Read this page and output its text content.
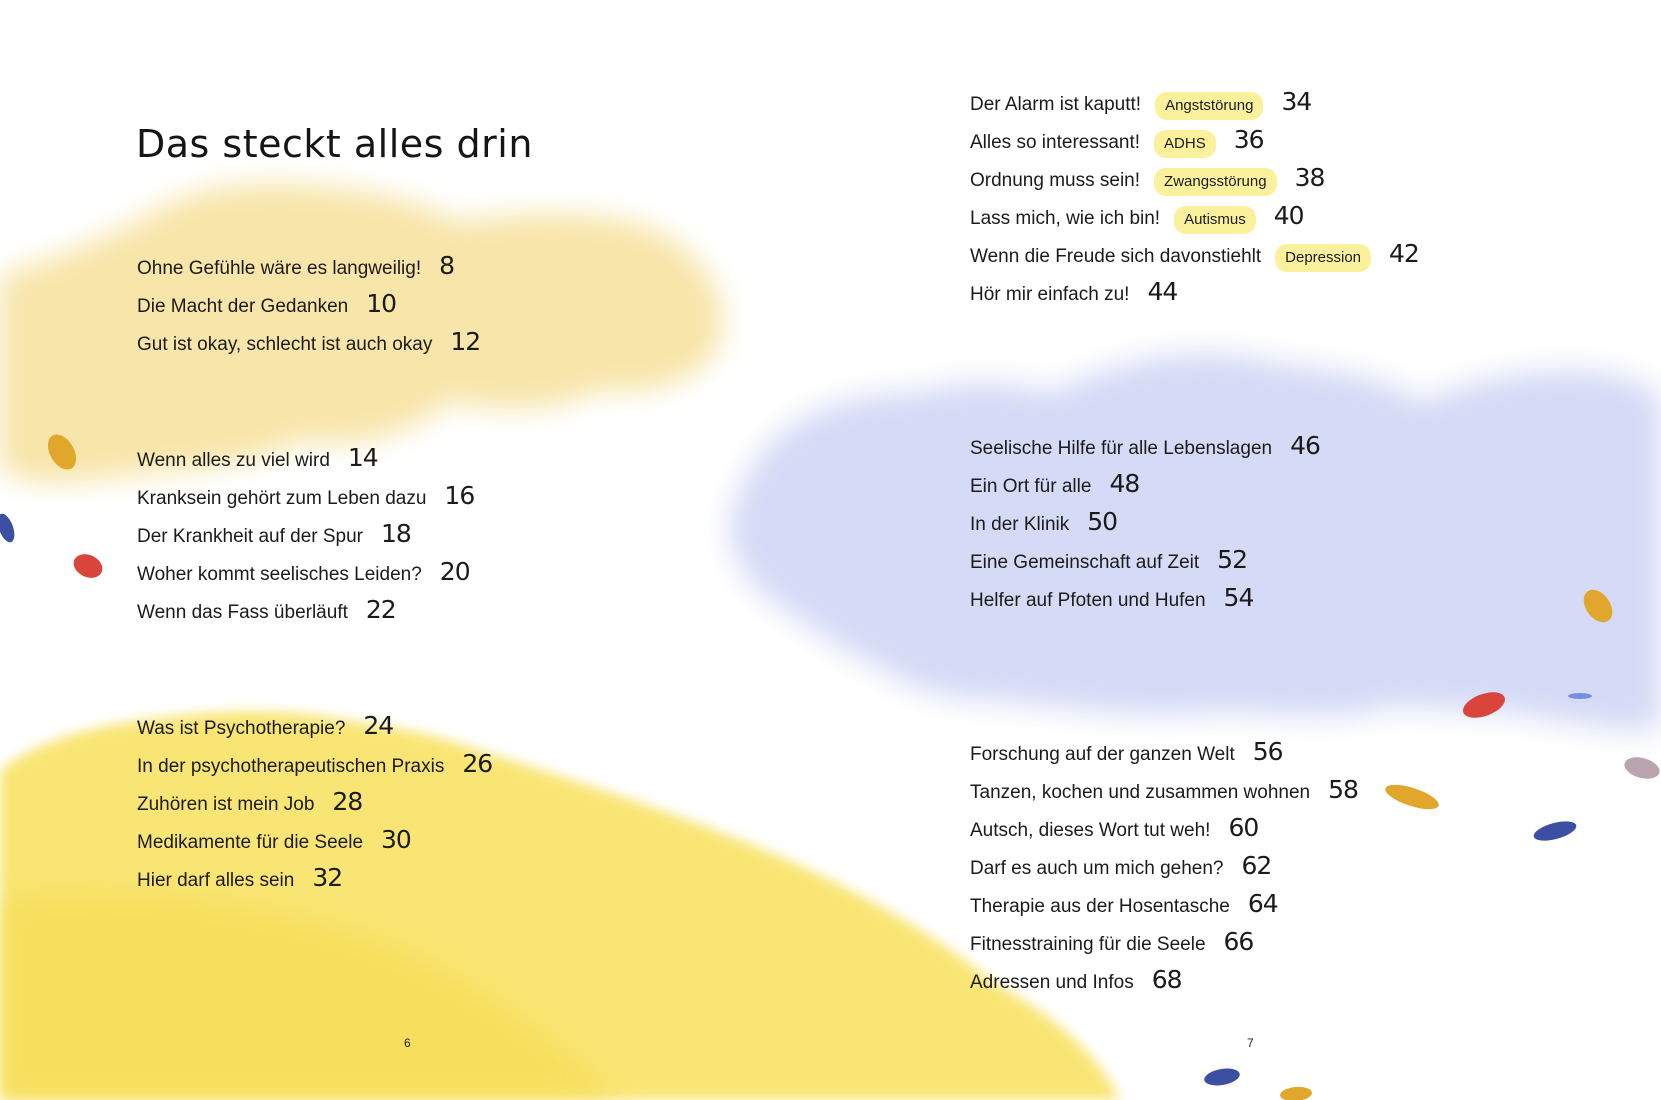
Das steckt alles drin
Ohne Gefühle wäre es langweilig! 8
Die Macht der Gedanken 10
Gut ist okay, schlecht ist auch okay 12
Wenn alles zu viel wird 14
Kranksein gehört zum Leben dazu 16
Der Krankheit auf der Spur 18
Woher kommt seelisches Leiden? 20
Wenn das Fass überläuft 22
Was ist Psychotherapie? 24
In der psychotherapeutischen Praxis 26
Zuhören ist mein Job 28
Medikamente für die Seele 30
Hier darf alles sein 32
Der Alarm ist kaputt!	Angststörung	34
Alles so interessant!	ADHS	36
Ordnung muss sein!	Zwangsstörung	38
Lass mich, wie ich bin!	Autismus	40
Wenn die Freude sich davonstiehlt	Depression	42
Hör mir einfach zu! 44
Seelische Hilfe für alle Lebenslagen 46
Ein Ort für alle 48
In der Klinik 50
Eine Gemeinschaft auf Zeit 52
Helfer auf Pfoten und Hufen 54
Forschung auf der ganzen Welt 56
Tanzen, kochen und zusammen wohnen 58
Autsch, dieses Wort tut weh! 60
Darf es auch um mich gehen? 62
Therapie aus der Hosentasche 64
Fitnesstraining für die Seele 66
Adressen und Infos 68
6	7
